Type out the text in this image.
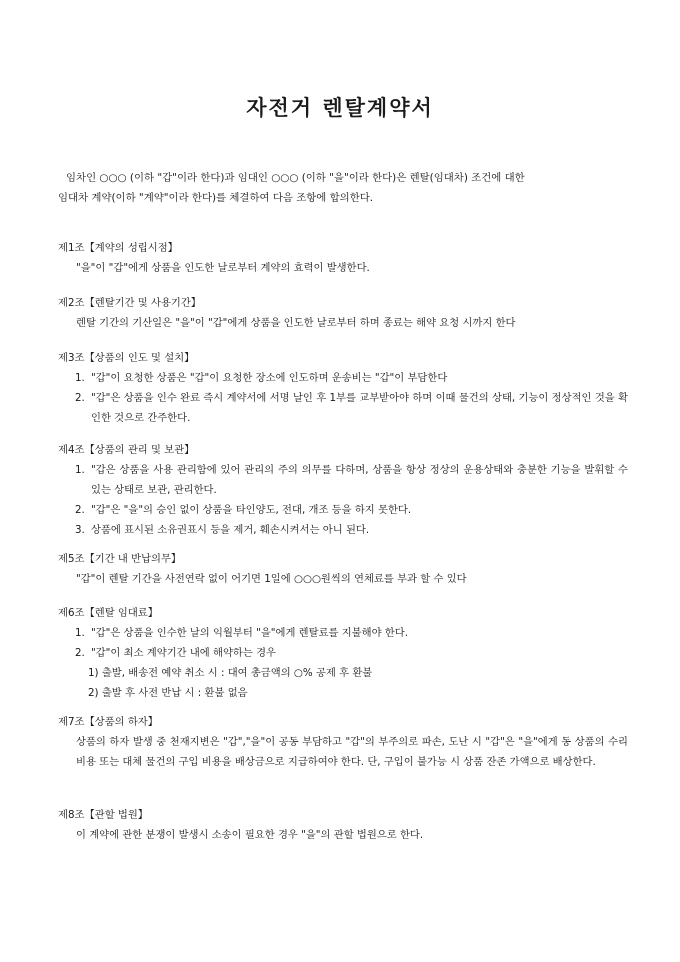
자전거 렌탈계약서

임차인 ○○○ (이하 "갑"이라 한다)과 임대인 ○○○ (이하 "을"이라 한다)은 렌탈(임대차) 조건에 대한

임대차 계약(이하 "계약"이라 한다)를 체결하여 다음 조항에 합의한다.

제1조【계약의 성립시점】
"을"이 "갑"에게 상품을 인도한 날로부터 계약의 효력이 발생한다.
제2조【렌탈기간 및 사용기간】
렌탈 기간의 기산일은 "을"이 "갑"에게 상품을 인도한 날로부터 하며 종료는 해약 요청 시까지 한다
제3조【상품의 인도 및 설치】
1. "갑"이 요청한 상품은 "갑"이 요청한 장소에 인도하며 운송비는 "갑"이 부담한다
2. "갑"은 상품을 인수 완료 즉시 계약서에 서명 날인 후 1부를 교부받아야 하며 이때 물건의 상태, 기능이 정상적인 것을 확인한 것으로 간주한다.
제4조【상품의 관리 및 보관】
1. "갑은 상품을 사용 관리함에 있어 관리의 주의 의무를 다하며, 상품을 항상 정상의 운용상태와 충분한 기능을 발휘할 수 있는 상태로 보관, 관리한다.
2. "갑"은 "을"의 승인 없이 상품을 타인양도, 전대, 개조 등을 하지 못한다.
3. 상품에 표시된 소유권표시 등을 제거, 훼손시켜서는 아니 된다.
제5조【기간 내 반납의무】
"갑"이 렌탈 기간을 사전연락 없이 어기면 1일에 ○○○원씩의 연체료를 부과 할 수 있다
제6조【렌탈 임대료】
1. "갑"은 상품을 인수한 날의 익월부터 "을"에게 렌탈료를 지불해야 한다.
2. "갑"이 최소 계약기간 내에 해약하는 경우
1) 출발, 배송전 예약 취소 시 : 대여 총금액의 ○% 공제 후 환불
2) 출발 후 사전 반납 시 : 환불 없음
제7조【상품의 하자】
상품의 하자 발생 중 천재지변은 "갑","을"이 공동 부담하고 "갑"의 부주의로 파손, 도난 시 "갑"은 "을"에게 동 상품의 수리비용 또는 대체 물건의 구입 비용을 배상금으로 지급하여야 한다. 단, 구입이 불가능 시 상품 잔존 가액으로 배상한다.
제8조【관할 법원】
이 계약에 관한 분쟁이 발생시 소송이 필요한 경우 "을"의 관할 법원으로 한다.
